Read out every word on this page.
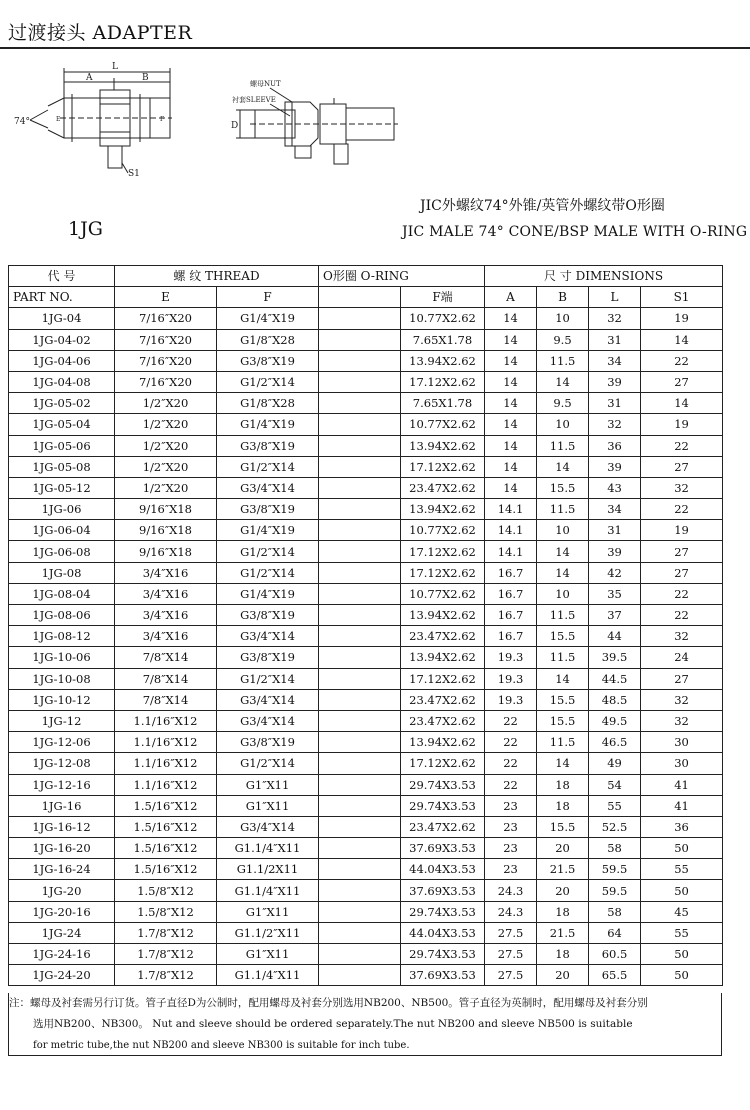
过渡接头 ADAPTER
L
A	B
74°	E	F
S1
螺母NUT
衬套SLEEVE
D
JIC外螺纹74°外锥/英管外螺纹带O形圈
1JG	JIC MALE 74° CONE/BSP MALE WITH O-RING
代 号	螺 纹 THREAD		O形圈 O-RING		尺 寸 DIMENSIONS			
PART NO.	E	F		F端	A	B	L	S1
1JG-04	7/16″X20	G1/4″X19		10.77X2.62	14	10	32	19
1JG-04-02	7/16″X20	G1/8″X28		7.65X1.78	14	9.5	31	14
1JG-04-06	7/16″X20	G3/8″X19		13.94X2.62	14	11.5	34	22
1JG-04-08	7/16″X20	G1/2″X14		17.12X2.62	14	14	39	27
1JG-05-02	1/2″X20	G1/8″X28		7.65X1.78	14	9.5	31	14
1JG-05-04	1/2″X20	G1/4″X19		10.77X2.62	14	10	32	19
1JG-05-06	1/2″X20	G3/8″X19		13.94X2.62	14	11.5	36	22
1JG-05-08	1/2″X20	G1/2″X14		17.12X2.62	14	14	39	27
1JG-05-12	1/2″X20	G3/4″X14		23.47X2.62	14	15.5	43	32
1JG-06	9/16″X18	G3/8″X19		13.94X2.62	14.1	11.5	34	22
1JG-06-04	9/16″X18	G1/4″X19		10.77X2.62	14.1	10	31	19
1JG-06-08	9/16″X18	G1/2″X14		17.12X2.62	14.1	14	39	27
1JG-08	3/4″X16	G1/2″X14		17.12X2.62	16.7	14	42	27
1JG-08-04	3/4″X16	G1/4″X19		10.77X2.62	16.7	10	35	22
1JG-08-06	3/4″X16	G3/8″X19		13.94X2.62	16.7	11.5	37	22
1JG-08-12	3/4″X16	G3/4″X14		23.47X2.62	16.7	15.5	44	32
1JG-10-06	7/8″X14	G3/8″X19		13.94X2.62	19.3	11.5	39.5	24
1JG-10-08	7/8″X14	G1/2″X14		17.12X2.62	19.3	14	44.5	27
1JG-10-12	7/8″X14	G3/4″X14		23.47X2.62	19.3	15.5	48.5	32
1JG-12	1.1/16″X12	G3/4″X14		23.47X2.62	22	15.5	49.5	32
1JG-12-06	1.1/16″X12	G3/8″X19		13.94X2.62	22	11.5	46.5	30
1JG-12-08	1.1/16″X12	G1/2″X14		17.12X2.62	22	14	49	30
1JG-12-16	1.1/16″X12	G1″X11		29.74X3.53	22	18	54	41
1JG-16	1.5/16″X12	G1″X11		29.74X3.53	23	18	55	41
1JG-16-12	1.5/16″X12	G3/4″X14		23.47X2.62	23	15.5	52.5	36
1JG-16-20	1.5/16″X12	G1.1/4″X11		37.69X3.53	23	20	58	50
1JG-16-24	1.5/16″X12	G1.1/2X11		44.04X3.53	23	21.5	59.5	55
1JG-20	1.5/8″X12	G1.1/4″X11		37.69X3.53	24.3	20	59.5	50
1JG-20-16	1.5/8″X12	G1″X11		29.74X3.53	24.3	18	58	45
1JG-24	1.7/8″X12	G1.1/2″X11		44.04X3.53	27.5	21.5	64	55
1JG-24-16	1.7/8″X12	G1″X11		29.74X3.53	27.5	18	60.5	50
1JG-24-20	1.7/8″X12	G1.1/4″X11		37.69X3.53	27.5	20	65.5	50
注：螺母及衬套需另行订货。管子直径D为公制时，配用螺母及衬套分别选用NB200、NB500。管子直径为英制时，配用螺母及衬套分别
选用NB200、NB300。 Nut and sleeve should be ordered separately.The nut NB200 and sleeve NB500 is suitable
for metric tube,the nut NB200 and sleeve NB300 is suitable for inch tube.
